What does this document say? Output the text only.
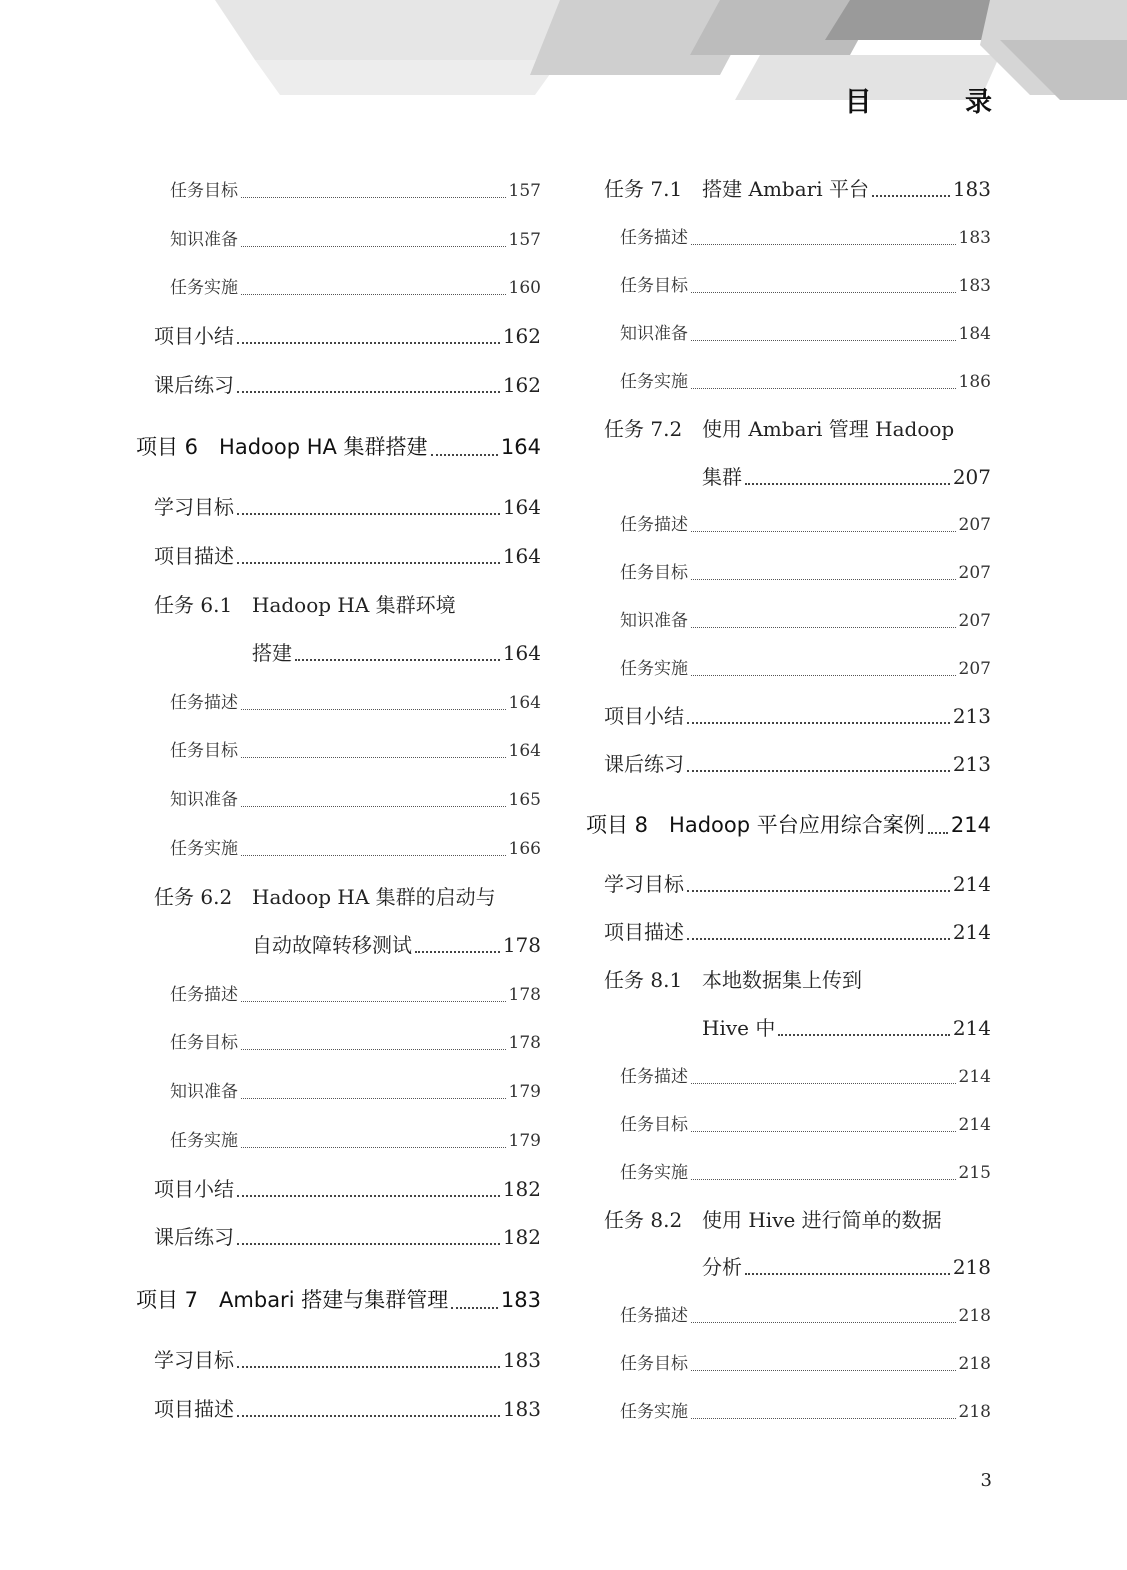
目 录
任务目标	157
知识准备	157
任务实施	160
项目小结	162
课后练习	162
项目 6　Hadoop HA 集群搭建	164
学习目标	164
项目描述	164
任务 6.1 Hadoop HA 集群环境
搭建	164
任务描述	164
任务目标	164
知识准备	165
任务实施	166
任务 6.2 Hadoop HA 集群的启动与
自动故障转移测试	178
任务描述	178
任务目标	178
知识准备	179
任务实施	179
项目小结	182
课后练习	182
项目 7　Ambari 搭建与集群管理	183
学习目标	183
项目描述	183
任务 7.1　搭建 Ambari 平台	183
任务描述	183
任务目标	183
知识准备	184
任务实施	186
任务 7.2 使用 Ambari 管理 Hadoop
集群	207
任务描述	207
任务目标	207
知识准备	207
任务实施	207
项目小结	213
课后练习	213
项目 8　Hadoop 平台应用综合案例 214
学习目标	214
项目描述	214
任务 8.1 本地数据集上传到
Hive 中	214
任务描述	214
任务目标	214
任务实施	215
任务 8.2 使用 Hive 进行简单的数据
分析	218
任务描述	218
任务目标	218
任务实施	218
3
